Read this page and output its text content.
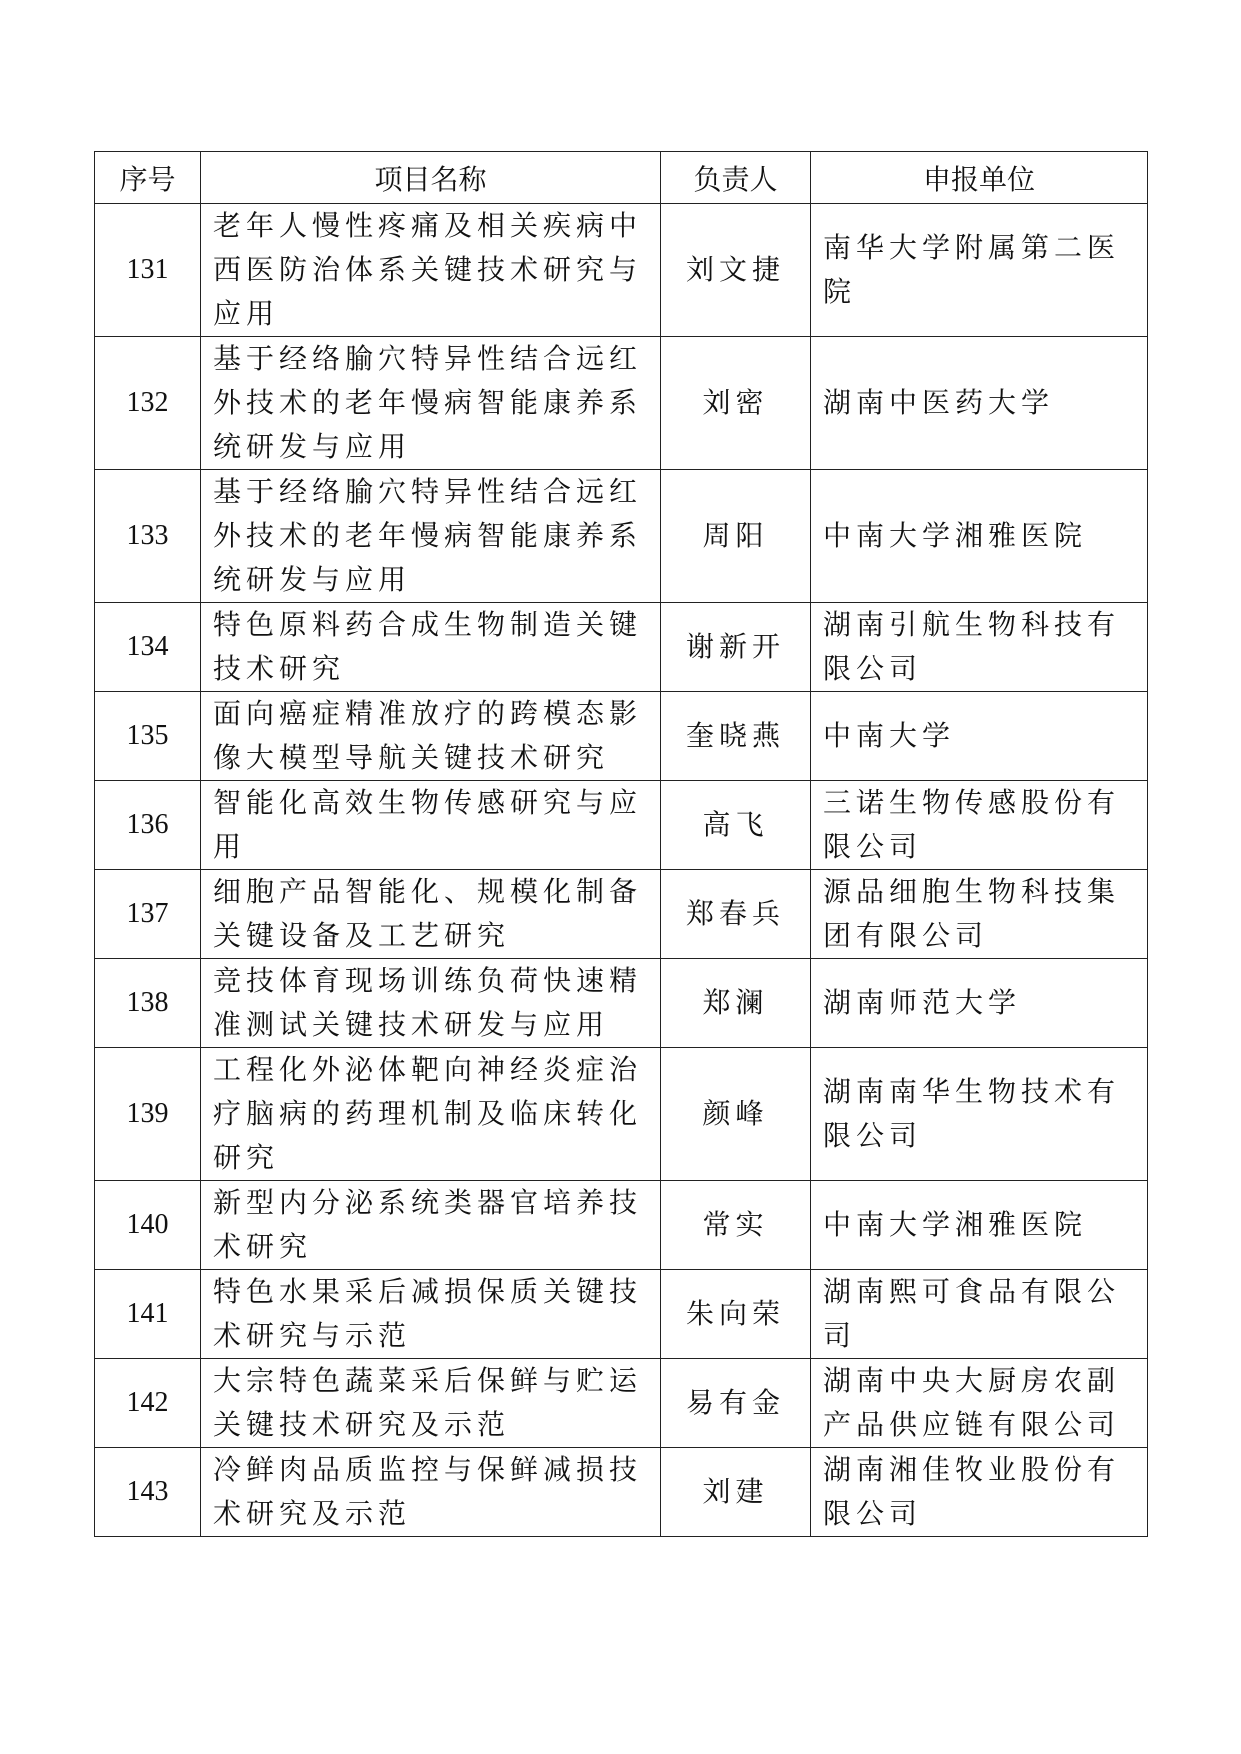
序号	项目名称	负责人	申报单位
131	老年人慢性疼痛及相关疾病中西医防治体系关键技术研究与应用	刘文捷	南华大学附属第二医院
132	基于经络腧穴特异性结合远红外技术的老年慢病智能康养系统研发与应用	刘密	湖南中医药大学
133	基于经络腧穴特异性结合远红外技术的老年慢病智能康养系统研发与应用	周阳	中南大学湘雅医院
134	特色原料药合成生物制造关键技术研究	谢新开	湖南引航生物科技有限公司
135	面向癌症精准放疗的跨模态影像大模型导航关键技术研究	奎晓燕	中南大学
136	智能化高效生物传感研究与应用	高飞	三诺生物传感股份有限公司
137	细胞产品智能化、规模化制备关键设备及工艺研究	郑春兵	源品细胞生物科技集团有限公司
138	竞技体育现场训练负荷快速精准测试关键技术研发与应用	郑澜	湖南师范大学
139	工程化外泌体靶向神经炎症治疗脑病的药理机制及临床转化研究	颜峰	湖南南华生物技术有限公司
140	新型内分泌系统类器官培养技术研究	常实	中南大学湘雅医院
141	特色水果采后减损保质关键技术研究与示范	朱向荣	湖南熙可食品有限公司
142	大宗特色蔬菜采后保鲜与贮运关键技术研究及示范	易有金	湖南中央大厨房农副产品供应链有限公司
143	冷鲜肉品质监控与保鲜减损技术研究及示范	刘建	湖南湘佳牧业股份有限公司
